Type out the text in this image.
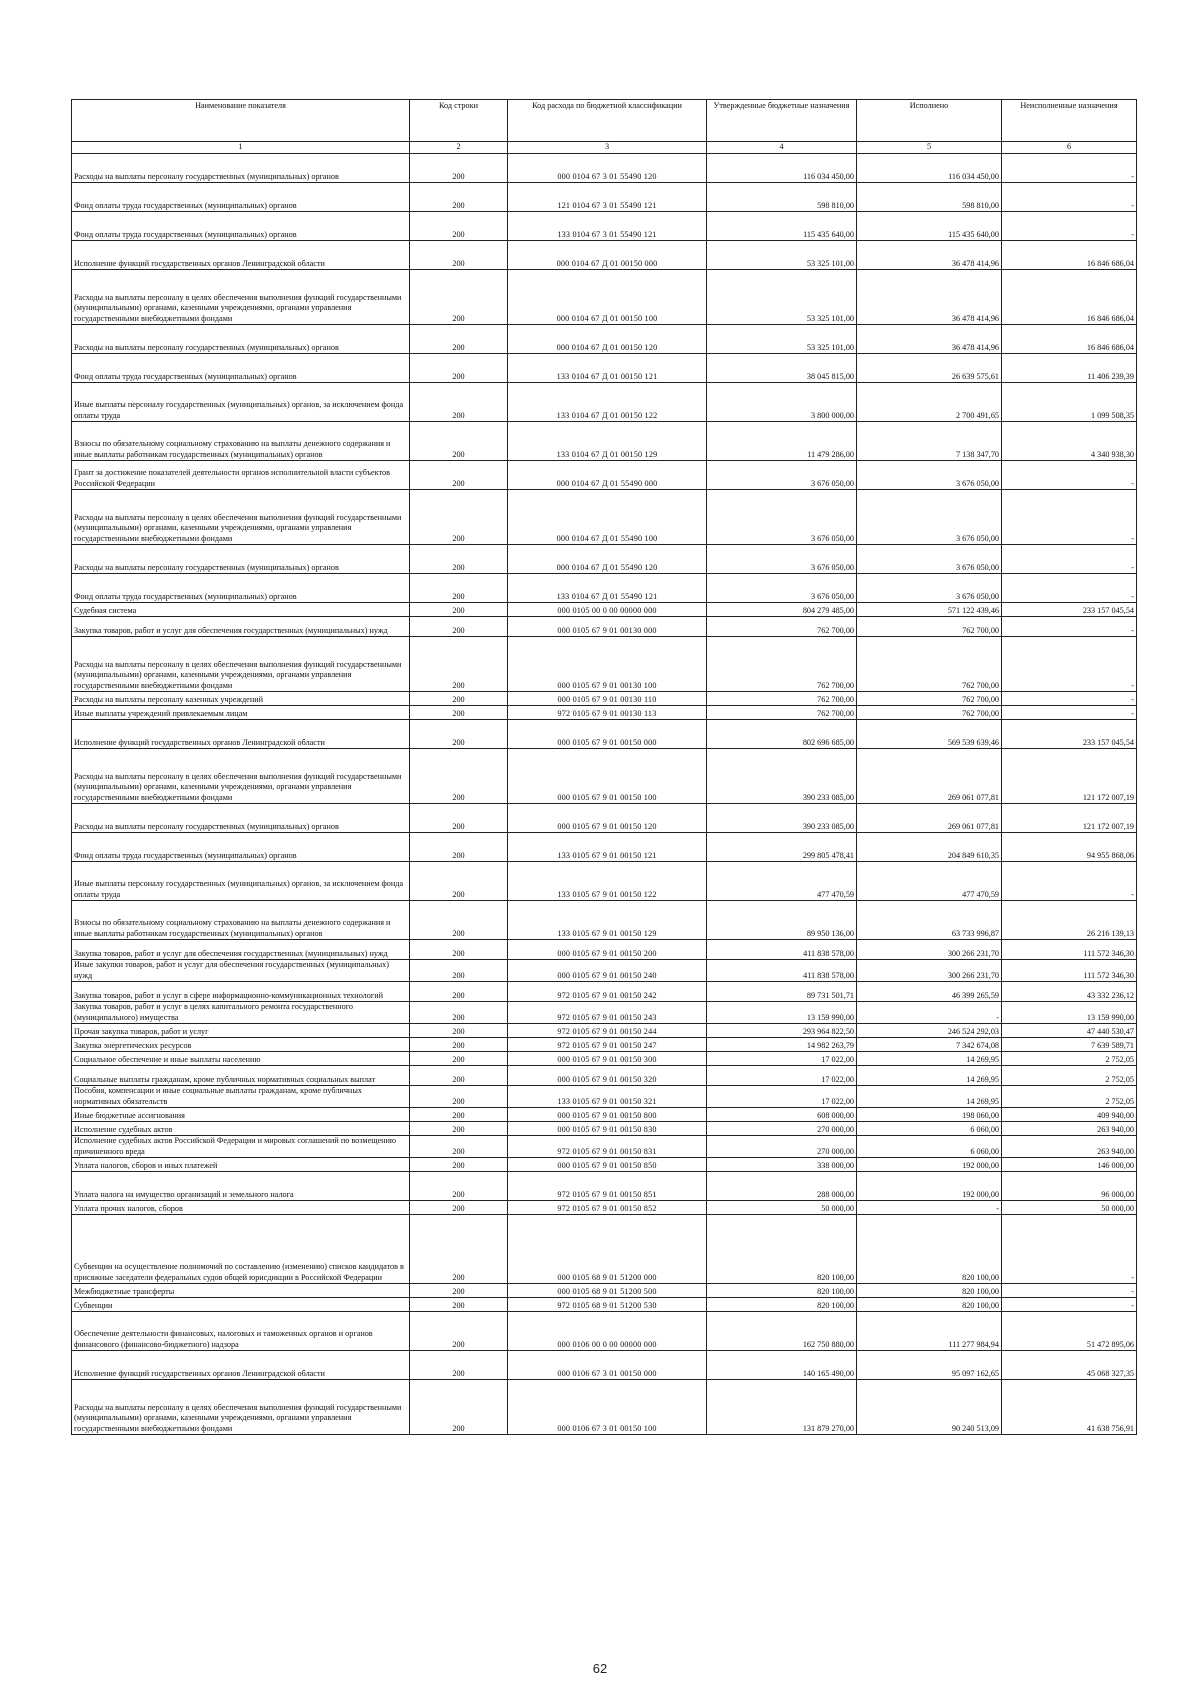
Наименование показателя	Код строки	Код расхода по бюджетной классификации	Утвержденные бюджетные назначения	Исполнено	Неисполненные назначения
1	2	3	4	5	6
Расходы на выплаты персоналу государственных (муниципальных) органов	200	000 0104 67 3 01 55490 120	116 034 450,00	116 034 450,00	-
Фонд оплаты труда государственных (муниципальных) органов	200	121 0104 67 3 01 55490 121	598 810,00	598 810,00	-
Фонд оплаты труда государственных (муниципальных) органов	200	133 0104 67 3 01 55490 121	115 435 640,00	115 435 640,00	-
Исполнение функций государственных органов Ленинградской области	200	000 0104 67 Д 01 00150 000	53 325 101,00	36 478 414,96	16 846 686,04
Расходы на выплаты персоналу в целях обеспечения выполнения функций государственными (муниципальными) органами, казенными учреждениями, органами управления государственными внебюджетными фондами	200	000 0104 67 Д 01 00150 100	53 325 101,00	36 478 414,96	16 846 686,04
Расходы на выплаты персоналу государственных (муниципальных) органов	200	000 0104 67 Д 01 00150 120	53 325 101,00	36 478 414,96	16 846 686,04
Фонд оплаты труда государственных (муниципальных) органов	200	133 0104 67 Д 01 00150 121	38 045 815,00	26 639 575,61	11 406 239,39
Иные выплаты персоналу государственных (муниципальных) органов, за исключением фонда оплаты труда	200	133 0104 67 Д 01 00150 122	3 800 000,00	2 700 491,65	1 099 508,35
Взносы по обязательному социальному страхованию на выплаты денежного содержания и иные выплаты работникам государственных (муниципальных) органов	200	133 0104 67 Д 01 00150 129	11 479 286,00	7 138 347,70	4 340 938,30
Грант за достижение показателей деятельности органов исполнительной власти субъектов Российской Федерации	200	000 0104 67 Д 01 55490 000	3 676 050,00	3 676 050,00	-
Расходы на выплаты персоналу в целях обеспечения выполнения функций государственными (муниципальными) органами, казенными учреждениями, органами управления государственными внебюджетными фондами	200	000 0104 67 Д 01 55490 100	3 676 050,00	3 676 050,00	-
Расходы на выплаты персоналу государственных (муниципальных) органов	200	000 0104 67 Д 01 55490 120	3 676 050,00	3 676 050,00	-
Фонд оплаты труда государственных (муниципальных) органов	200	133 0104 67 Д 01 55490 121	3 676 050,00	3 676 050,00	-
Судебная система	200	000 0105 00 0 00 00000 000	804 279 485,00	571 122 439,46	233 157 045,54
Закупка товаров, работ и услуг для обеспечения государственных (муниципальных) нужд	200	000 0105 67 9 01 00130 000	762 700,00	762 700,00	-
Расходы на выплаты персоналу в целях обеспечения выполнения функций государственными (муниципальными) органами, казенными учреждениями, органами управления государственными внебюджетными фондами	200	000 0105 67 9 01 00130 100	762 700,00	762 700,00	-
Расходы на выплаты персоналу казенных учреждений	200	000 0105 67 9 01 00130 110	762 700,00	762 700,00	-
Иные выплаты учреждений привлекаемым лицам	200	972 0105 67 9 01 00130 113	762 700,00	762 700,00	-
Исполнение функций государственных органов Ленинградской области	200	000 0105 67 9 01 00150 000	802 696 685,00	569 539 639,46	233 157 045,54
Расходы на выплаты персоналу в целях обеспечения выполнения функций государственными (муниципальными) органами, казенными учреждениями, органами управления государственными внебюджетными фондами	200	000 0105 67 9 01 00150 100	390 233 085,00	269 061 077,81	121 172 007,19
Расходы на выплаты персоналу государственных (муниципальных) органов	200	000 0105 67 9 01 00150 120	390 233 085,00	269 061 077,81	121 172 007,19
Фонд оплаты труда государственных (муниципальных) органов	200	133 0105 67 9 01 00150 121	299 805 478,41	204 849 610,35	94 955 868,06
Иные выплаты персоналу государственных (муниципальных) органов, за исключением фонда оплаты труда	200	133 0105 67 9 01 00150 122	477 470,59	477 470,59	-
Взносы по обязательному социальному страхованию на выплаты денежного содержания и иные выплаты работникам государственных (муниципальных) органов	200	133 0105 67 9 01 00150 129	89 950 136,00	63 733 996,87	26 216 139,13
Закупка товаров, работ и услуг для обеспечения государственных (муниципальных) нужд	200	000 0105 67 9 01 00150 200	411 838 578,00	300 266 231,70	111 572 346,30
Иные закупки товаров, работ и услуг для обеспечения государственных (муниципальных) нужд	200	000 0105 67 9 01 00150 240	411 838 578,00	300 266 231,70	111 572 346,30
Закупка товаров, работ и услуг в сфере информационно-коммуникационных технологий	200	972 0105 67 9 01 00150 242	89 731 501,71	46 399 265,59	43 332 236,12
Закупка товаров, работ и услуг в целях капитального ремонта государственного (муниципального) имущества	200	972 0105 67 9 01 00150 243	13 159 990,00	-	13 159 990,00
Прочая закупка товаров, работ и услуг	200	972 0105 67 9 01 00150 244	293 964 822,50	246 524 292,03	47 440 530,47
Закупка энергетических ресурсов	200	972 0105 67 9 01 00150 247	14 982 263,79	7 342 674,08	7 639 589,71
Социальное обеспечение и иные выплаты населению	200	000 0105 67 9 01 00150 300	17 022,00	14 269,95	2 752,05
Социальные выплаты гражданам, кроме публичных нормативных социальных выплат	200	000 0105 67 9 01 00150 320	17 022,00	14 269,95	2 752,05
Пособия, компенсации и иные социальные выплаты гражданам, кроме публичных нормативных обязательств	200	133 0105 67 9 01 00150 321	17 022,00	14 269,95	2 752,05
Иные бюджетные ассигнования	200	000 0105 67 9 01 00150 800	608 000,00	198 060,00	409 940,00
Исполнение судебных актов	200	000 0105 67 9 01 00150 830	270 000,00	6 060,00	263 940,00
Исполнение судебных актов Российской Федерации и мировых соглашений по возмещению причиненного вреда	200	972 0105 67 9 01 00150 831	270 000,00	6 060,00	263 940,00
Уплата налогов, сборов и иных платежей	200	000 0105 67 9 01 00150 850	338 000,00	192 000,00	146 000,00
Уплата налога на имущество организаций и земельного налога	200	972 0105 67 9 01 00150 851	288 000,00	192 000,00	96 000,00
Уплата прочих налогов, сборов	200	972 0105 67 9 01 00150 852	50 000,00	-	50 000,00
Субвенции на осуществление полномочий по составлению (изменению) списков кандидатов в присяжные заседатели федеральных судов общей юрисдикции в Российской Федерации	200	000 0105 68 9 01 51200 000	820 100,00	820 100,00	-
Межбюджетные трансферты	200	000 0105 68 9 01 51200 500	820 100,00	820 100,00	-
Субвенции	200	972 0105 68 9 01 51200 530	820 100,00	820 100,00	-
Обеспечение деятельности финансовых, налоговых и таможенных органов и органов финансового (финансово-бюджетного) надзора	200	000 0106 00 0 00 00000 000	162 750 880,00	111 277 984,94	51 472 895,06
Исполнение функций государственных органов Ленинградской области	200	000 0106 67 3 01 00150 000	140 165 490,00	95 097 162,65	45 068 327,35
Расходы на выплаты персоналу в целях обеспечения выполнения функций государственными (муниципальными) органами, казенными учреждениями, органами управления государственными внебюджетными фондами	200	000 0106 67 3 01 00150 100	131 879 270,00	90 240 513,09	41 638 756,91
62
